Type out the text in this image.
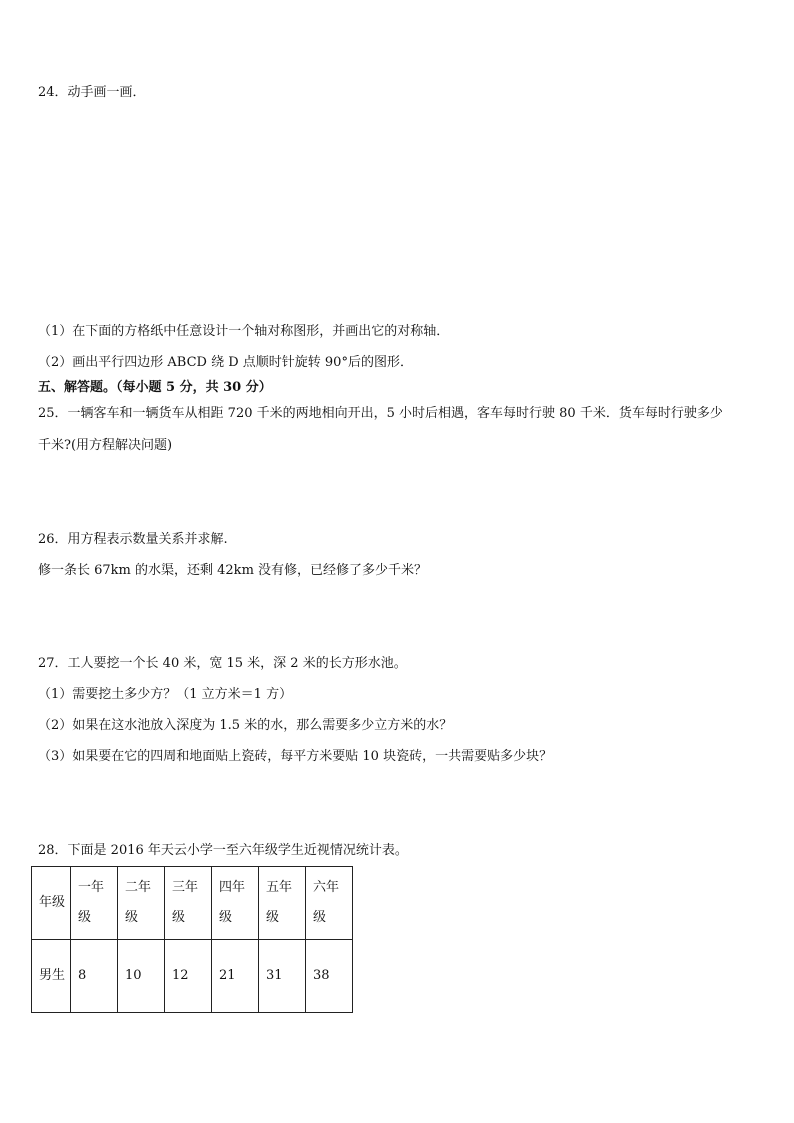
24．动手画一画．
（1）在下面的方格纸中任意设计一个轴对称图形，并画出它的对称轴．
（2）画出平行四边形 ABCD 绕 D 点顺时针旋转 90°后的图形．
五、解答题。（每小题 5 分，共 30 分）
25．一辆客车和一辆货车从相距 720 千米的两地相向开出，5 小时后相遇，客车每时行驶 80 千米．货车每时行驶多少
千米?(用方程解决问题)
26．用方程表示数量关系并求解.
修一条长 67km 的水渠，还剩 42km 没有修，已经修了多少千米？
27．工人要挖一个长 40 米，宽 15 米，深 2 米的长方形水池。
（1）需要挖土多少方？（1 立方米＝1 方）
（2）如果在这水池放入深度为 1.5 米的水，那么需要多少立方米的水？
（3）如果要在它的四周和地面贴上瓷砖，每平方米要贴 10 块瓷砖，一共需要贴多少块？
28．下面是 2016 年天云小学一至六年级学生近视情况统计表。
年级	一年级	二年级	三年级	四年级	五年级	六年级

男生	8	10	12	21	31	38
